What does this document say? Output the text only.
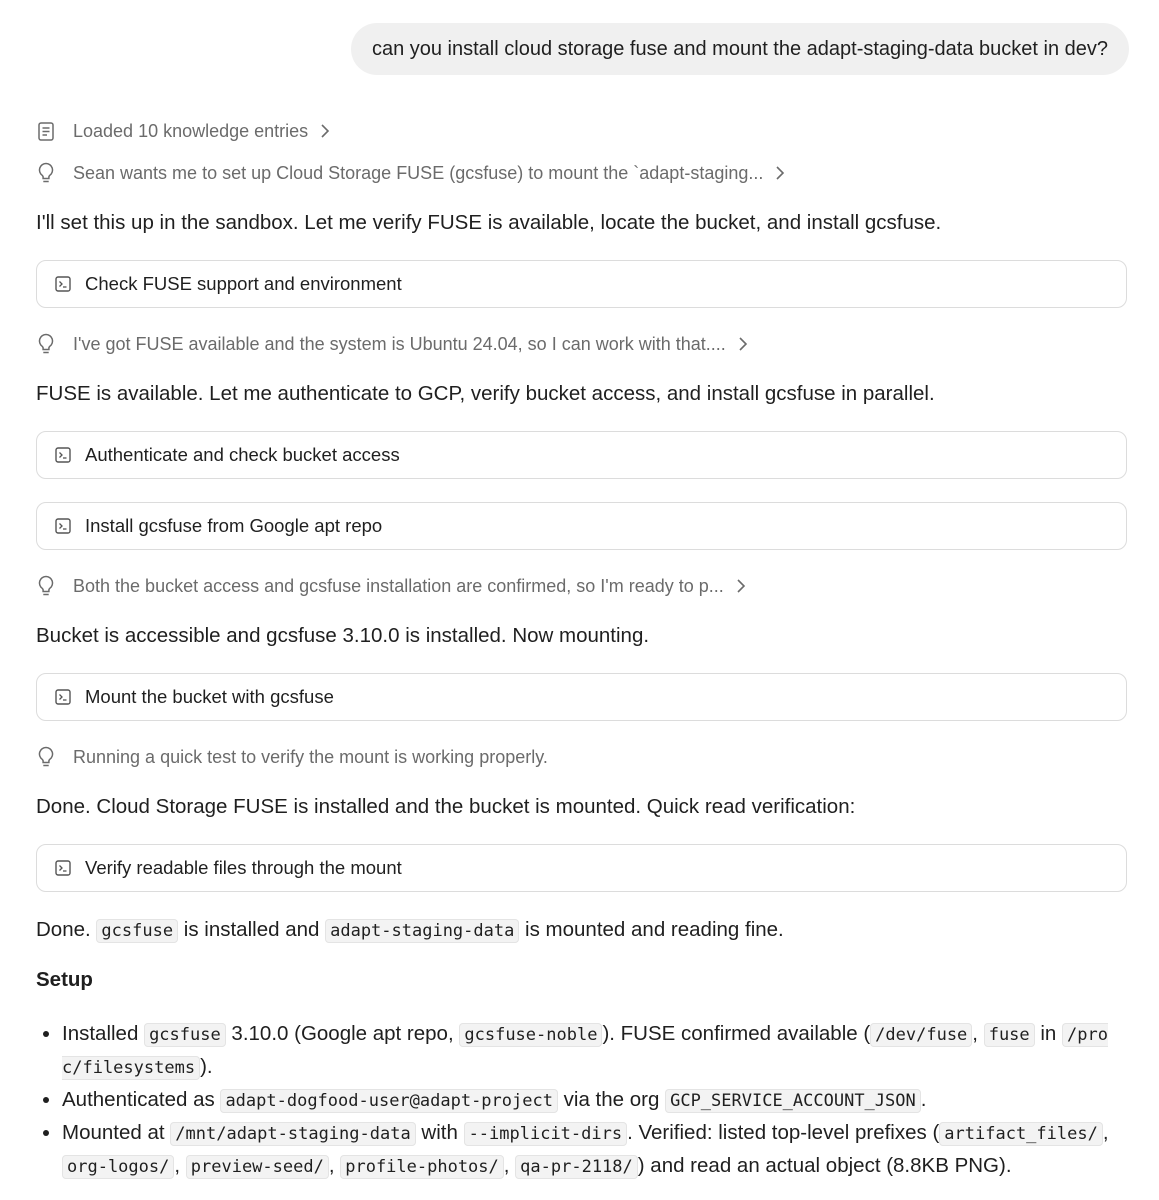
can you install cloud storage fuse and mount the adapt-staging-data bucket in dev?
Loaded 10 knowledge entries
Sean wants me to set up Cloud Storage FUSE (gcsfuse) to mount the `adapt-staging...
I'll set this up in the sandbox. Let me verify FUSE is available, locate the bucket, and install gcsfuse.
Check FUSE support and environment
I've got FUSE available and the system is Ubuntu 24.04, so I can work with that....
FUSE is available. Let me authenticate to GCP, verify bucket access, and install gcsfuse in parallel.
Authenticate and check bucket access
Install gcsfuse from Google apt repo
Both the bucket access and gcsfuse installation are confirmed, so I'm ready to p...
Bucket is accessible and gcsfuse 3.10.0 is installed. Now mounting.
Mount the bucket with gcsfuse
Running a quick test to verify the mount is working properly.
Done. Cloud Storage FUSE is installed and the bucket is mounted. Quick read verification:
Verify readable files through the mount
Done. gcsfuse is installed and adapt-staging-data is mounted and reading fine.
Setup
• Installed gcsfuse 3.10.0 (Google apt repo, gcsfuse-noble ). FUSE confirmed available ( /dev/fuse , fuse in /proc/filesystems ).
• Authenticated as adapt-dogfood-user@adapt-project via the org GCP_SERVICE_ACCOUNT_JSON .
• Mounted at /mnt/adapt-staging-data with --implicit-dirs . Verified: listed top-level prefixes ( artifact_files/ , org-logos/ , preview-seed/ , profile-photos/ , qa-pr-2118/ ) and read an actual object (8.8KB PNG).
